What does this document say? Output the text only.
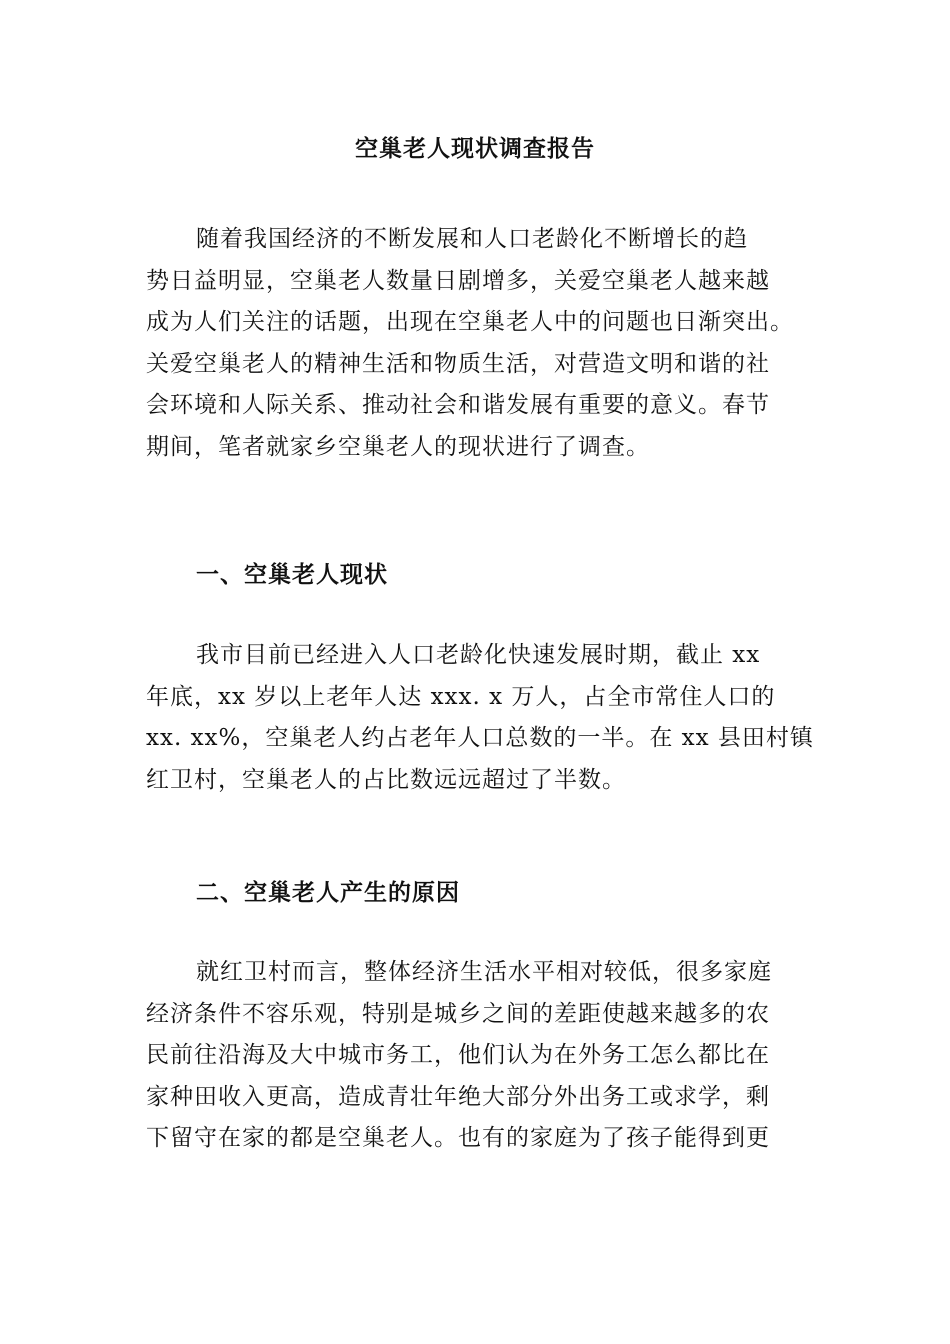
空巢老人现状调查报告
随着我国经济的不断发展和人口老龄化不断增长的趋
势日益明显，空巢老人数量日剧增多，关爱空巢老人越来越
成为人们关注的话题，出现在空巢老人中的问题也日渐突出。
关爱空巢老人的精神生活和物质生活，对营造文明和谐的社
会环境和人际关系、推动社会和谐发展有重要的意义。春节
期间，笔者就家乡空巢老人的现状进行了调查。
一、空巢老人现状
我市目前已经进入人口老龄化快速发展时期，截止 xx
年底，xx 岁以上老年人达 xxx. x 万人，占全市常住人口的
xx. xx%，空巢老人约占老年人口总数的一半。在 xx 县田村镇
红卫村，空巢老人的占比数远远超过了半数。
二、空巢老人产生的原因
就红卫村而言，整体经济生活水平相对较低，很多家庭
经济条件不容乐观，特别是城乡之间的差距使越来越多的农
民前往沿海及大中城市务工，他们认为在外务工怎么都比在
家种田收入更高，造成青壮年绝大部分外出务工或求学，剩
下留守在家的都是空巢老人。也有的家庭为了孩子能得到更
